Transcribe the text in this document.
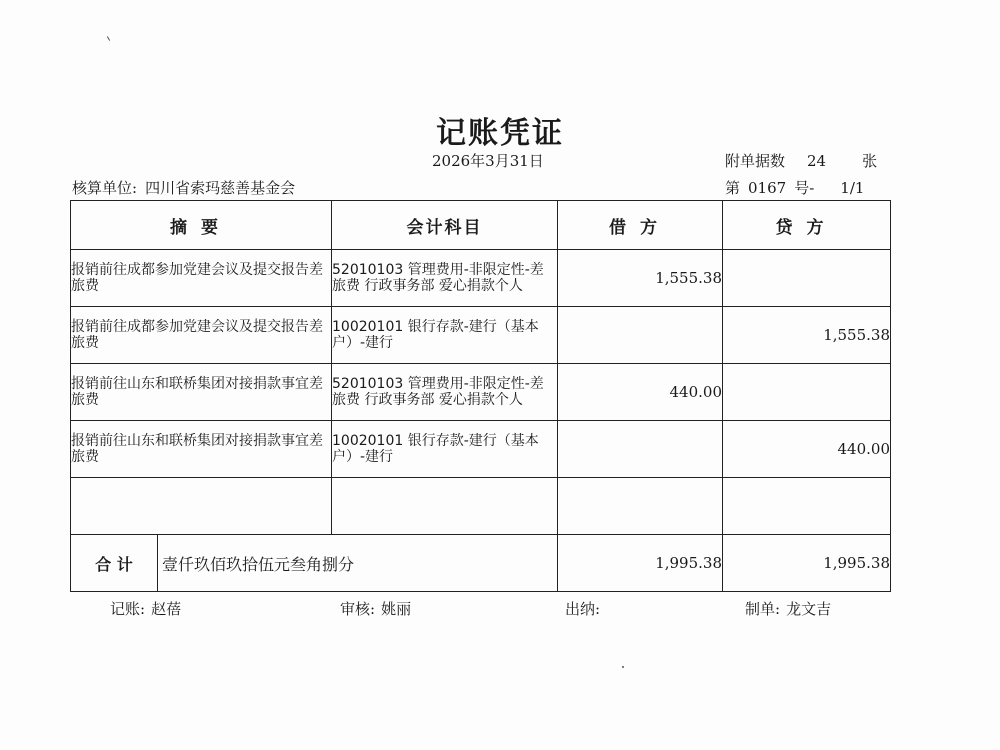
记账凭证
2026年3月31日	附单据数 24 张
核算单位: 四川省索玛慈善基金会	第 0167 号- 1/1
摘要	会计科目	借方	贷方
报销前往成都参加党建会议及提交报告差旅费	52010103 管理费用-非限定性-差旅费 行政事务部 爱心捐款个人	1,555.38	
报销前往成都参加党建会议及提交报告差旅费	10020101 银行存款-建行（基本户）-建行		1,555.38
报销前往山东和联桥集团对接捐款事宜差旅费	52010103 管理费用-非限定性-差旅费 行政事务部 爱心捐款个人	440.00	
报销前往山东和联桥集团对接捐款事宜差旅费	10020101 银行存款-建行（基本户）-建行		440.00

合 计 壹仟玖佰玖拾伍元叁角捌分		1,995.38	1,995.38
记账: 赵蓓	审核: 姚丽	出纳:	制单: 龙文吉
